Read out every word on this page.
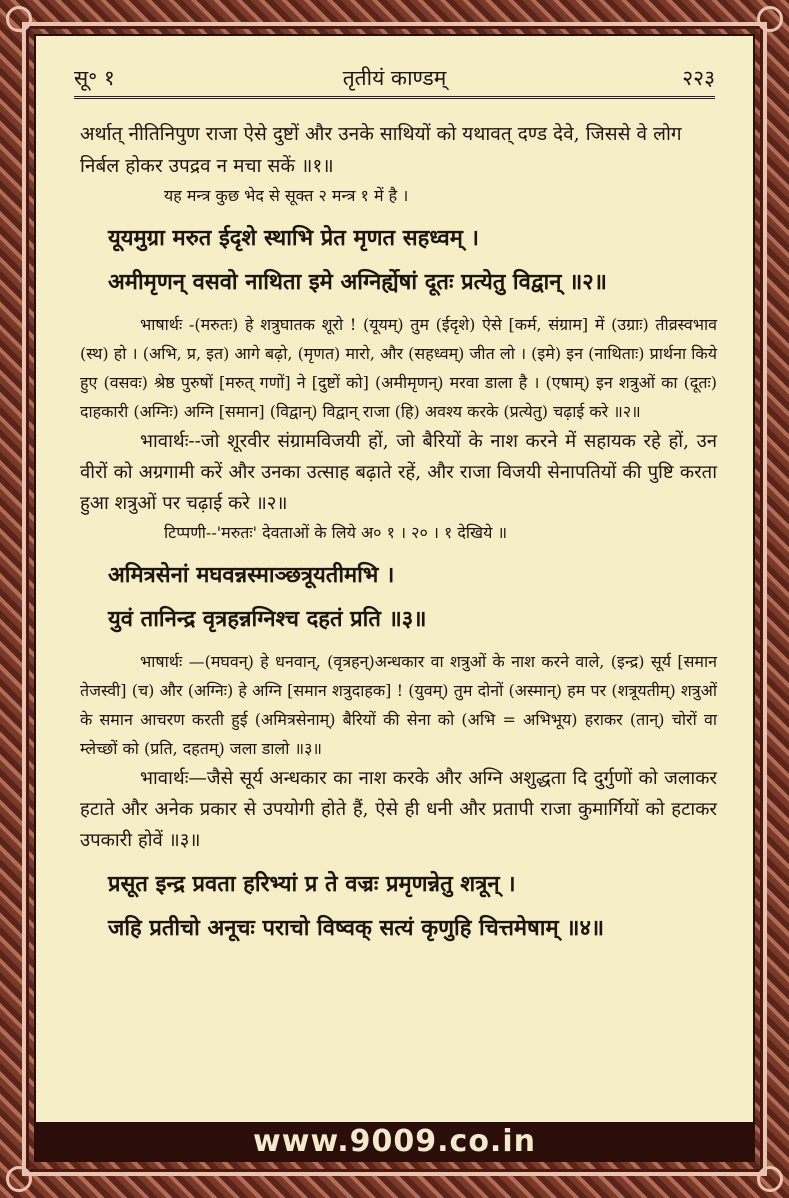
सू॰ १	तृतीयं काण्डम्	२२३

अर्थात् नीतिनिपुण राजा ऐसे दुष्टों और उनके साथियों को यथावत् दण्ड देवे, जिससे वे लोग निर्बल होकर उपद्रव न मचा सकें ॥१॥

यह मन्त्र कुछ भेद से सूक्त २ मन्त्र १ में है ।

यूयमुग्रा मरुत ईदृशे स्थाभि प्रेत मृणत सहध्वम् ।

अमीमृणन् वसवो नाथिता इमे अग्निर्ह्येषां दूतः प्रत्येतु विद्वान् ॥२॥

भाषार्थः -(मरुतः) हे शत्रुघातक शूरो ! (यूयम्) तुम (ईदृशे) ऐसे [कर्म, संग्राम] में (उग्राः) तीव्रस्वभाव (स्थ) हो । (अभि, प्र, इत) आगे बढ़ो, (मृणत) मारो, और (सहध्वम्) जीत लो । (इमे) इन (नाथिताः) प्रार्थना किये हुए (वसवः) श्रेष्ठ पुरुषों [मरुत् गणों] ने [दुष्टों को] (अमीमृणन्) मरवा डाला है । (एषाम्) इन शत्रुओं का (दूतः) दाहकारी (अग्निः) अग्नि [समान] (विद्वान्) विद्वान् राजा (हि) अवश्य करके (प्रत्येतु) चढ़ाई करे ॥२॥

भावार्थः--जो शूरवीर संग्रामविजयी हों, जो बैरियों के नाश करने में सहायक रहे हों, उन वीरों को अग्रगामी करें और उनका उत्साह बढ़ाते रहें, और राजा विजयी सेनापतियों की पुष्टि करता हुआ शत्रुओं पर चढ़ाई करे ॥२॥

टिप्पणी--'मरुतः' देवताओं के लिये अ० १ । २० । १ देखिये ॥

अमित्रसेनां मघवन्नस्माञ्छत्रूयतीमभि ।

युवं तानिन्द्र वृत्रहन्नग्निश्च दहतं प्रति ॥३॥

भाषार्थः —(मघवन्) हे धनवान्, (वृत्रहन्)अन्धकार वा शत्रुओं के नाश करने वाले, (इन्द्र) सूर्य [समान तेजस्वी] (च) और (अग्निः) हे अग्नि [समान शत्रुदाहक] ! (युवम्) तुम दोनों (अस्मान्) हम पर (शत्रूयतीम्) शत्रुओं के समान आचरण करती हुई (अमित्रसेनाम्) बैरियों की सेना को (अभि = अभिभूय) हराकर (तान्) चोरों वा म्लेच्छों को (प्रति, दहतम्) जला डालो ॥३॥

भावार्थः—जैसे सूर्य अन्धकार का नाश करके और अग्नि अशुद्धता दि दुर्गुणों को जलाकर हटाते और अनेक प्रकार से उपयोगी होते हैं, ऐसे ही धनी और प्रतापी राजा कुमार्गियों को हटाकर उपकारी होवें ॥३॥

प्रसूत इन्द्र प्रवता हरिभ्यां प्र ते वज्रः प्रमृणन्नेतु शत्रून् ।

जहि प्रतीचो अनूचः पराचो विष्वक् सत्यं कृणुहि चित्तमेषाम् ॥४॥

www.9009.co.in
